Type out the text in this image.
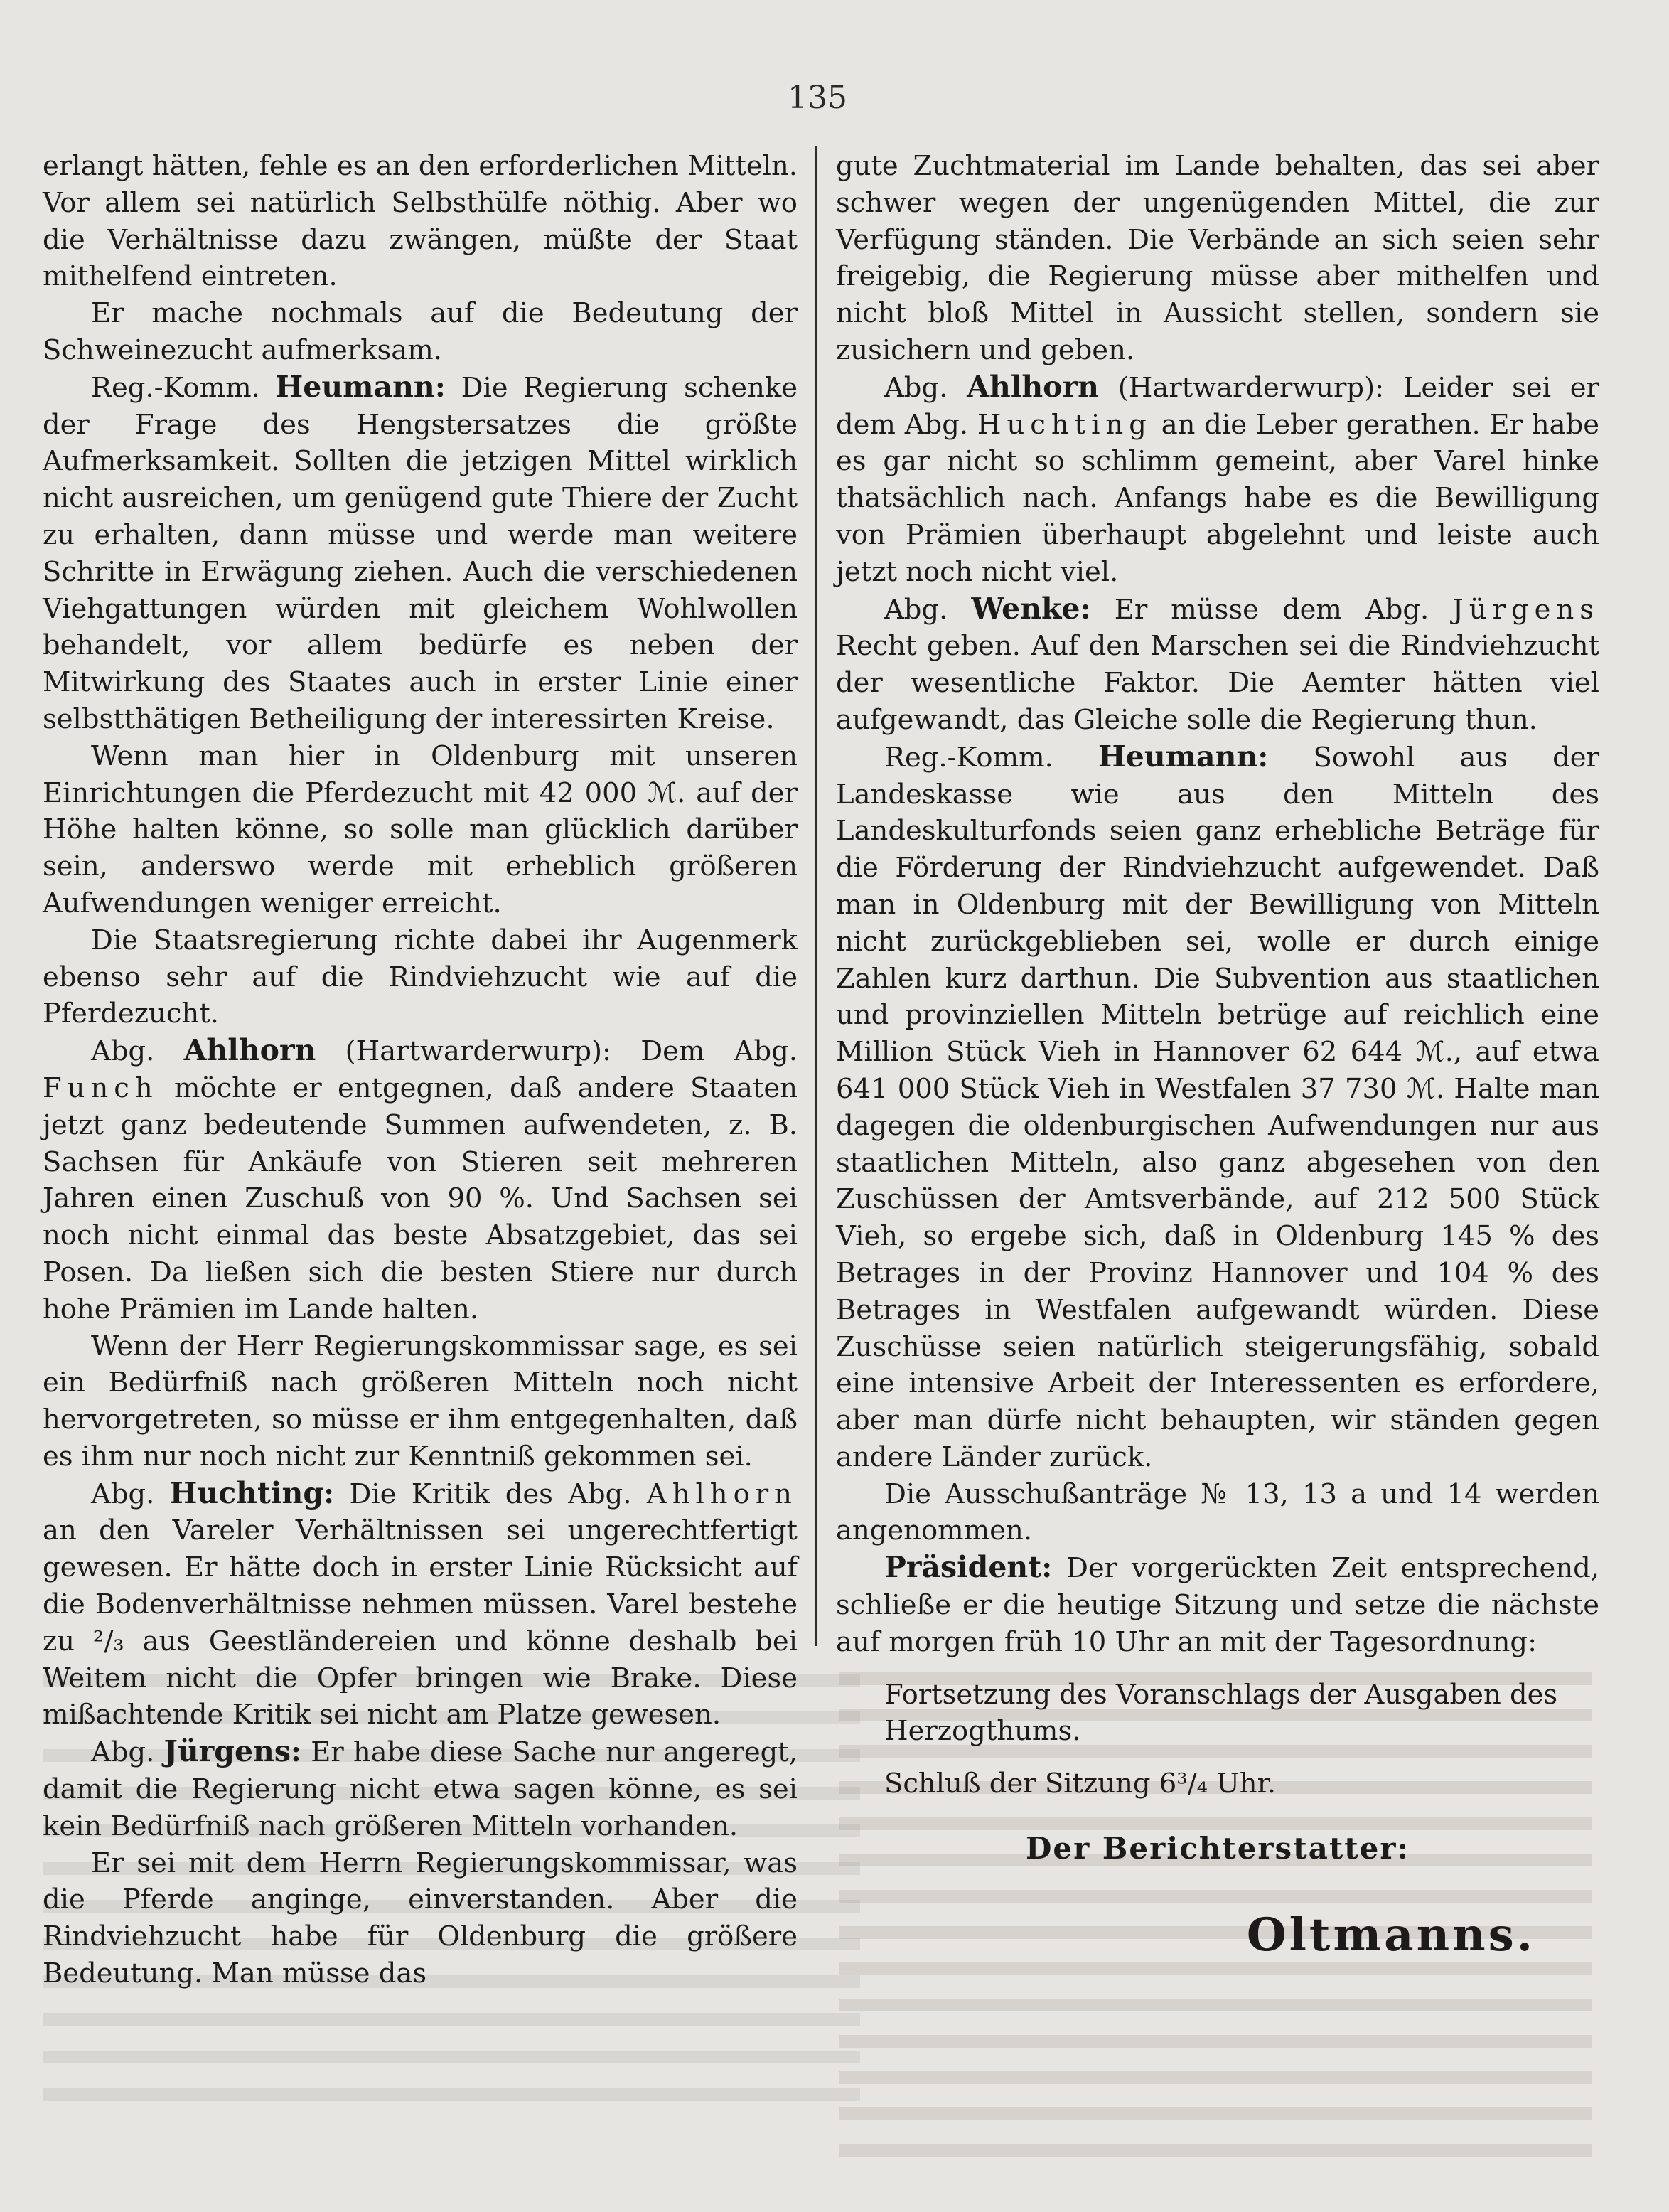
135

erlangt hätten, fehle es an den erforderlichen Mitteln. Vor allem sei natürlich Selbsthülfe nöthig. Aber wo die Verhältnisse dazu zwängen, müßte der Staat mithelfend eintreten.

Er mache nochmals auf die Bedeutung der Schweinezucht aufmerksam.

Reg.-Komm. Heumann: Die Regierung schenke der Frage des Hengstersatzes die größte Aufmerksamkeit. Sollten die jetzigen Mittel wirklich nicht ausreichen, um genügend gute Thiere der Zucht zu erhalten, dann müsse und werde man weitere Schritte in Erwägung ziehen. Auch die verschiedenen Viehgattungen würden mit gleichem Wohlwollen behandelt, vor allem bedürfe es neben der Mitwirkung des Staates auch in erster Linie einer selbstthätigen Betheiligung der interessirten Kreise.

Wenn man hier in Oldenburg mit unseren Einrichtungen die Pferdezucht mit 42 000 ℳ. auf der Höhe halten könne, so solle man glücklich darüber sein, anderswo werde mit erheblich größeren Aufwendungen weniger erreicht.

Die Staatsregierung richte dabei ihr Augenmerk ebenso sehr auf die Rindviehzucht wie auf die Pferdezucht.

Abg. Ahlhorn (Hartwarderwurp): Dem Abg. Funch möchte er entgegnen, daß andere Staaten jetzt ganz bedeutende Summen aufwendeten, z. B. Sachsen für Ankäufe von Stieren seit mehreren Jahren einen Zuschuß von 90 %. Und Sachsen sei noch nicht einmal das beste Absatzgebiet, das sei Posen. Da ließen sich die besten Stiere nur durch hohe Prämien im Lande halten.

Wenn der Herr Regierungskommissar sage, es sei ein Bedürfniß nach größeren Mitteln noch nicht hervorgetreten, so müsse er ihm entgegenhalten, daß es ihm nur noch nicht zur Kenntniß gekommen sei.

Abg. Huchting: Die Kritik des Abg. Ahlhorn an den Vareler Verhältnissen sei ungerechtfertigt gewesen. Er hätte doch in erster Linie Rücksicht auf die Bodenverhältnisse nehmen müssen. Varel bestehe zu ²/₃ aus Geestländereien und könne deshalb bei Weitem nicht die Opfer bringen wie Brake. Diese mißachtende Kritik sei nicht am Platze gewesen.

Abg. Jürgens: Er habe diese Sache nur angeregt, damit die Regierung nicht etwa sagen könne, es sei kein Bedürfniß nach größeren Mitteln vorhanden.

Er sei mit dem Herrn Regierungskommissar, was die Pferde anginge, einverstanden. Aber die Rindviehzucht habe für Oldenburg die größere Bedeutung. Man müsse das

gute Zuchtmaterial im Lande behalten, das sei aber schwer wegen der ungenügenden Mittel, die zur Verfügung ständen. Die Verbände an sich seien sehr freigebig, die Regierung müsse aber mithelfen und nicht bloß Mittel in Aussicht stellen, sondern sie zusichern und geben.

Abg. Ahlhorn (Hartwarderwurp): Leider sei er dem Abg. Huchting an die Leber gerathen. Er habe es gar nicht so schlimm gemeint, aber Varel hinke thatsächlich nach. Anfangs habe es die Bewilligung von Prämien überhaupt abgelehnt und leiste auch jetzt noch nicht viel.

Abg. Wenke: Er müsse dem Abg. Jürgens Recht geben. Auf den Marschen sei die Rindviehzucht der wesentliche Faktor. Die Aemter hätten viel aufgewandt, das Gleiche solle die Regierung thun.

Reg.-Komm. Heumann: Sowohl aus der Landeskasse wie aus den Mitteln des Landeskulturfonds seien ganz erhebliche Beträge für die Förderung der Rindviehzucht aufgewendet. Daß man in Oldenburg mit der Bewilligung von Mitteln nicht zurückgeblieben sei, wolle er durch einige Zahlen kurz darthun. Die Subvention aus staatlichen und provinziellen Mitteln betrüge auf reichlich eine Million Stück Vieh in Hannover 62 644 ℳ., auf etwa 641 000 Stück Vieh in Westfalen 37 730 ℳ. Halte man dagegen die oldenburgischen Aufwendungen nur aus staatlichen Mitteln, also ganz abgesehen von den Zuschüssen der Amtsverbände, auf 212 500 Stück Vieh, so ergebe sich, daß in Oldenburg 145 % des Betrages in der Provinz Hannover und 104 % des Betrages in Westfalen aufgewandt würden. Diese Zuschüsse seien natürlich steigerungsfähig, sobald eine intensive Arbeit der Interessenten es erfordere, aber man dürfe nicht behaupten, wir ständen gegen andere Länder zurück.

Die Ausschußanträge № 13, 13 a und 14 werden angenommen.

Präsident: Der vorgerückten Zeit entsprechend, schließe er die heutige Sitzung und setze die nächste auf morgen früh 10 Uhr an mit der Tagesordnung:

Fortsetzung des Voranschlags der Ausgaben des Herzogthums.

Schluß der Sitzung 6³/₄ Uhr.

Der Berichterstatter:
Oltmanns.
